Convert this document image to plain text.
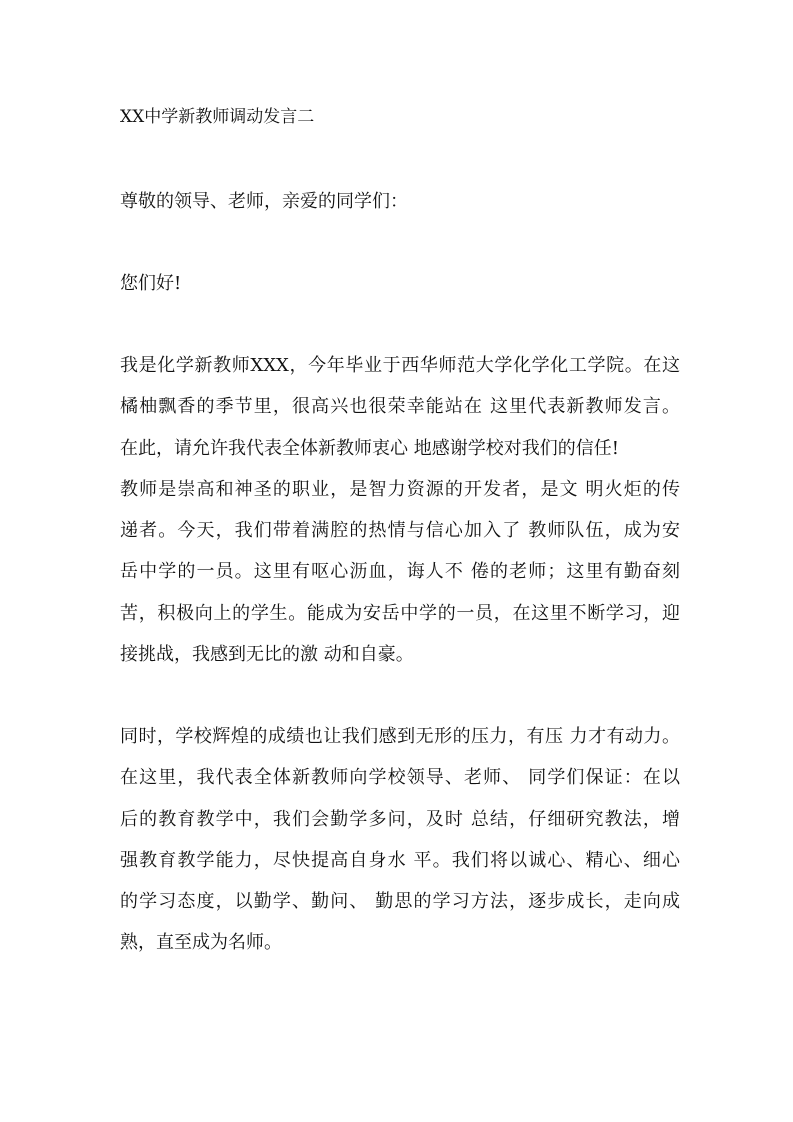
XX中学新教师调动发言二

尊敬的领导、老师，亲爱的同学们：

您们好!

我是化学新教师XXX，今年毕业于西华师范大学化学化工学院。在这

橘柚飘香的季节里，很高兴也很荣幸能站在 这里代表新教师发言。

在此，请允许我代表全体新教师衷心 地感谢学校对我们的信任!

教师是崇高和神圣的职业，是智力资源的开发者，是文 明火炬的传

递者。今天，我们带着满腔的热情与信心加入了 教师队伍，成为安

岳中学的一员。这里有呕心沥血，诲人不 倦的老师；这里有勤奋刻

苦，积极向上的学生。能成为安岳中学的一员，在这里不断学习，迎

接挑战，我感到无比的激 动和自豪。

同时，学校辉煌的成绩也让我们感到无形的压力，有压 力才有动力。

在这里，我代表全体新教师向学校领导、老师、 同学们保证：在以

后的教育教学中，我们会勤学多问，及时 总结，仔细研究教法，增

强教育教学能力，尽快提高自身水 平。我们将以诚心、精心、细心

的学习态度，以勤学、勤问、 勤思的学习方法，逐步成长，走向成

熟，直至成为名师。
